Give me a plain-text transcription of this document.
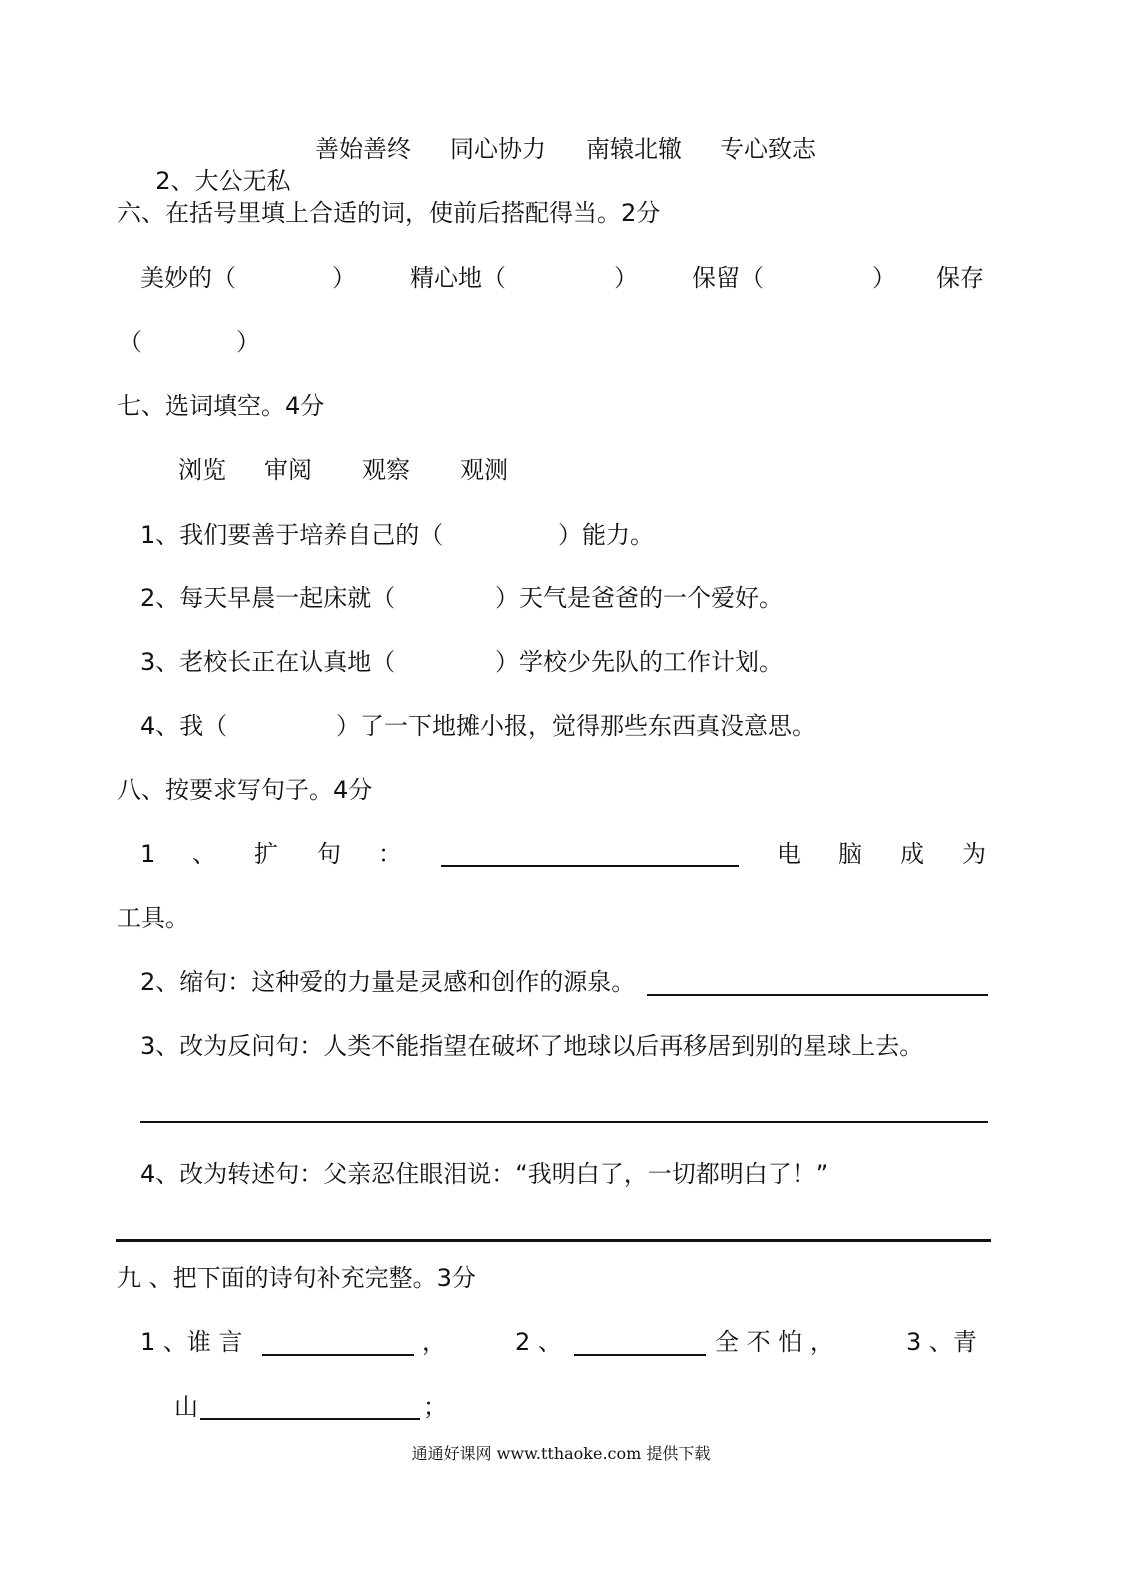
2、大公无私

善始善终 同心协力 南辕北辙 专心致志
六、在括号里填上合适的词，使前后搭配得当。2分
美妙的（	） 精心地（	） 保留（	） 保存
（	）
七、选词填空。4分
浏览 审阅 观察 观测
1、我们要善于培养自己的（	）能力。
2、每天早晨一起床就（	）天气是爸爸的一个爱好。
3、老校长正在认真地（	）学校少先队的工作计划。
4、我（	）了一下地摊小报，觉得那些东西真没意思。
八、按要求写句子。4分
1 、 扩 句 ：	电 脑 成 为
工具。
2、缩句：这种爱的力量是灵感和创作的源泉。
3、改为反问句：人类不能指望在破坏了地球以后再移居到别的星球上去。
4、改为转述句：父亲忍住眼泪说：“我明白了，一切都明白了！”
九 、把下面的诗句补充完整。3分
1 、谁 言	，	2 、	全 不 怕 ，	3 、青
山	；
通通好课网 www.tthaoke.com 提供下载
